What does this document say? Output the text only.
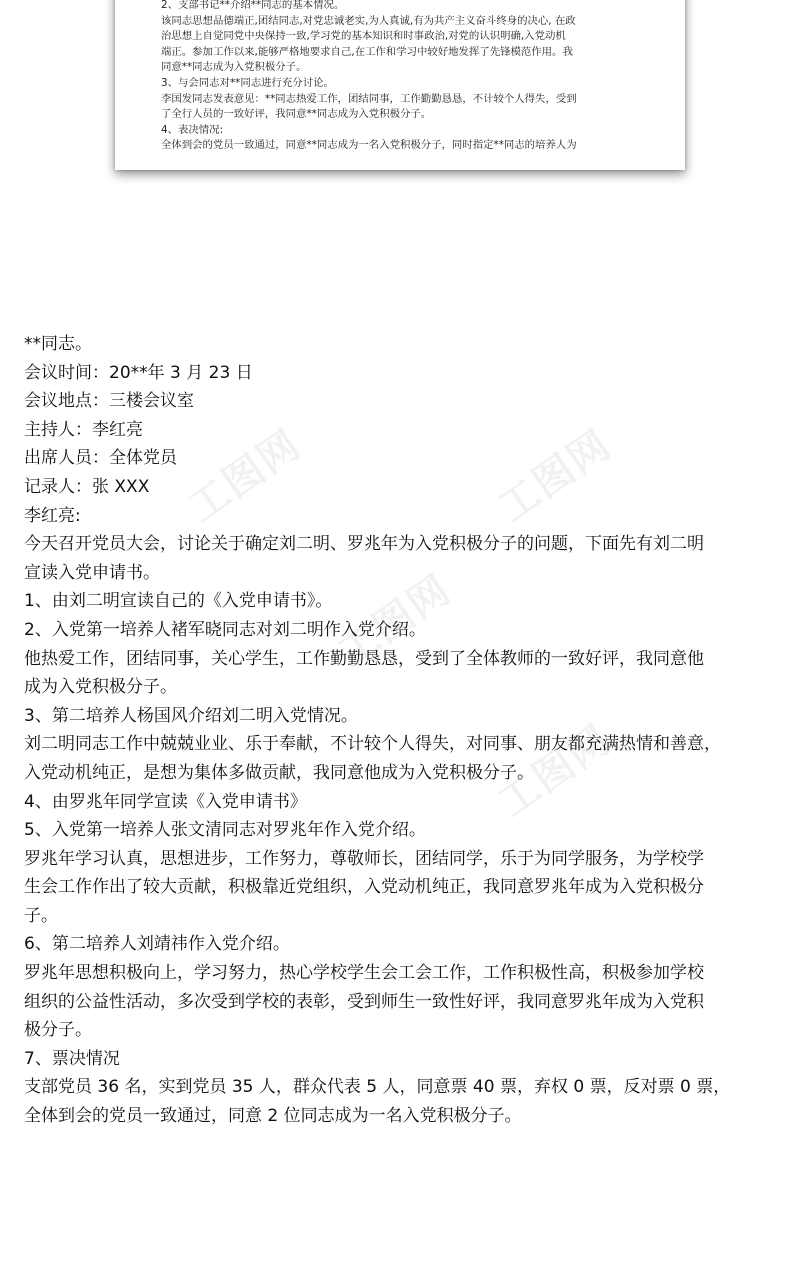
工图网	工图网
工图网
工图网
2、支部书记**介绍**同志的基本情况。
该同志思想品德端正,团结同志,对党忠诚老实,为人真诚,有为共产主义奋斗终身的决心, 在政
治思想上自觉同党中央保持一致,学习党的基本知识和时事政治,对党的认识明确,入党动机
端正。参加工作以来,能够严格地要求自己,在工作和学习中较好地发挥了先锋模范作用。我
同意**同志成为入党积极分子。
3、与会同志对**同志进行充分讨论。
李国发同志发表意见：**同志热爱工作，团结同事，工作勤勤恳恳，不计较个人得失，受到
了全行人员的一致好评，我同意**同志成为入党积极分子。
4、表决情况:
全体到会的党员一致通过，同意**同志成为一名入党积极分子，同时指定**同志的培养人为
**同志。
会议时间：20**年 3 月 23 日
会议地点：三楼会议室
主持人：李红亮
出席人员：全体党员
记录人：张 XXX
李红亮:
今天召开党员大会，讨论关于确定刘二明、罗兆年为入党积极分子的问题，下面先有刘二明
宣读入党申请书。
1、由刘二明宣读自己的《入党申请书》。
2、入党第一培养人褚军晓同志对刘二明作入党介绍。
他热爱工作，团结同事，关心学生，工作勤勤恳恳，受到了全体教师的一致好评，我同意他
成为入党积极分子。
3、第二培养人杨国风介绍刘二明入党情况。
刘二明同志工作中兢兢业业、乐于奉献，不计较个人得失，对同事、朋友都充满热情和善意，
入党动机纯正，是想为集体多做贡献，我同意他成为入党积极分子。
4、由罗兆年同学宣读《入党申请书》
5、入党第一培养人张文清同志对罗兆年作入党介绍。
罗兆年学习认真，思想进步，工作努力，尊敬师长，团结同学，乐于为同学服务，为学校学
生会工作作出了较大贡献，积极靠近党组织，入党动机纯正，我同意罗兆年成为入党积极分
子。
6、第二培养人刘靖祎作入党介绍。
罗兆年思想积极向上，学习努力，热心学校学生会工会工作，工作积极性高，积极参加学校
组织的公益性活动，多次受到学校的表彰，受到师生一致性好评，我同意罗兆年成为入党积
极分子。
7、票决情况
支部党员 36 名，实到党员 35 人，群众代表 5 人，同意票 40 票，弃权 0 票，反对票 0 票，
全体到会的党员一致通过，同意 2 位同志成为一名入党积极分子。
